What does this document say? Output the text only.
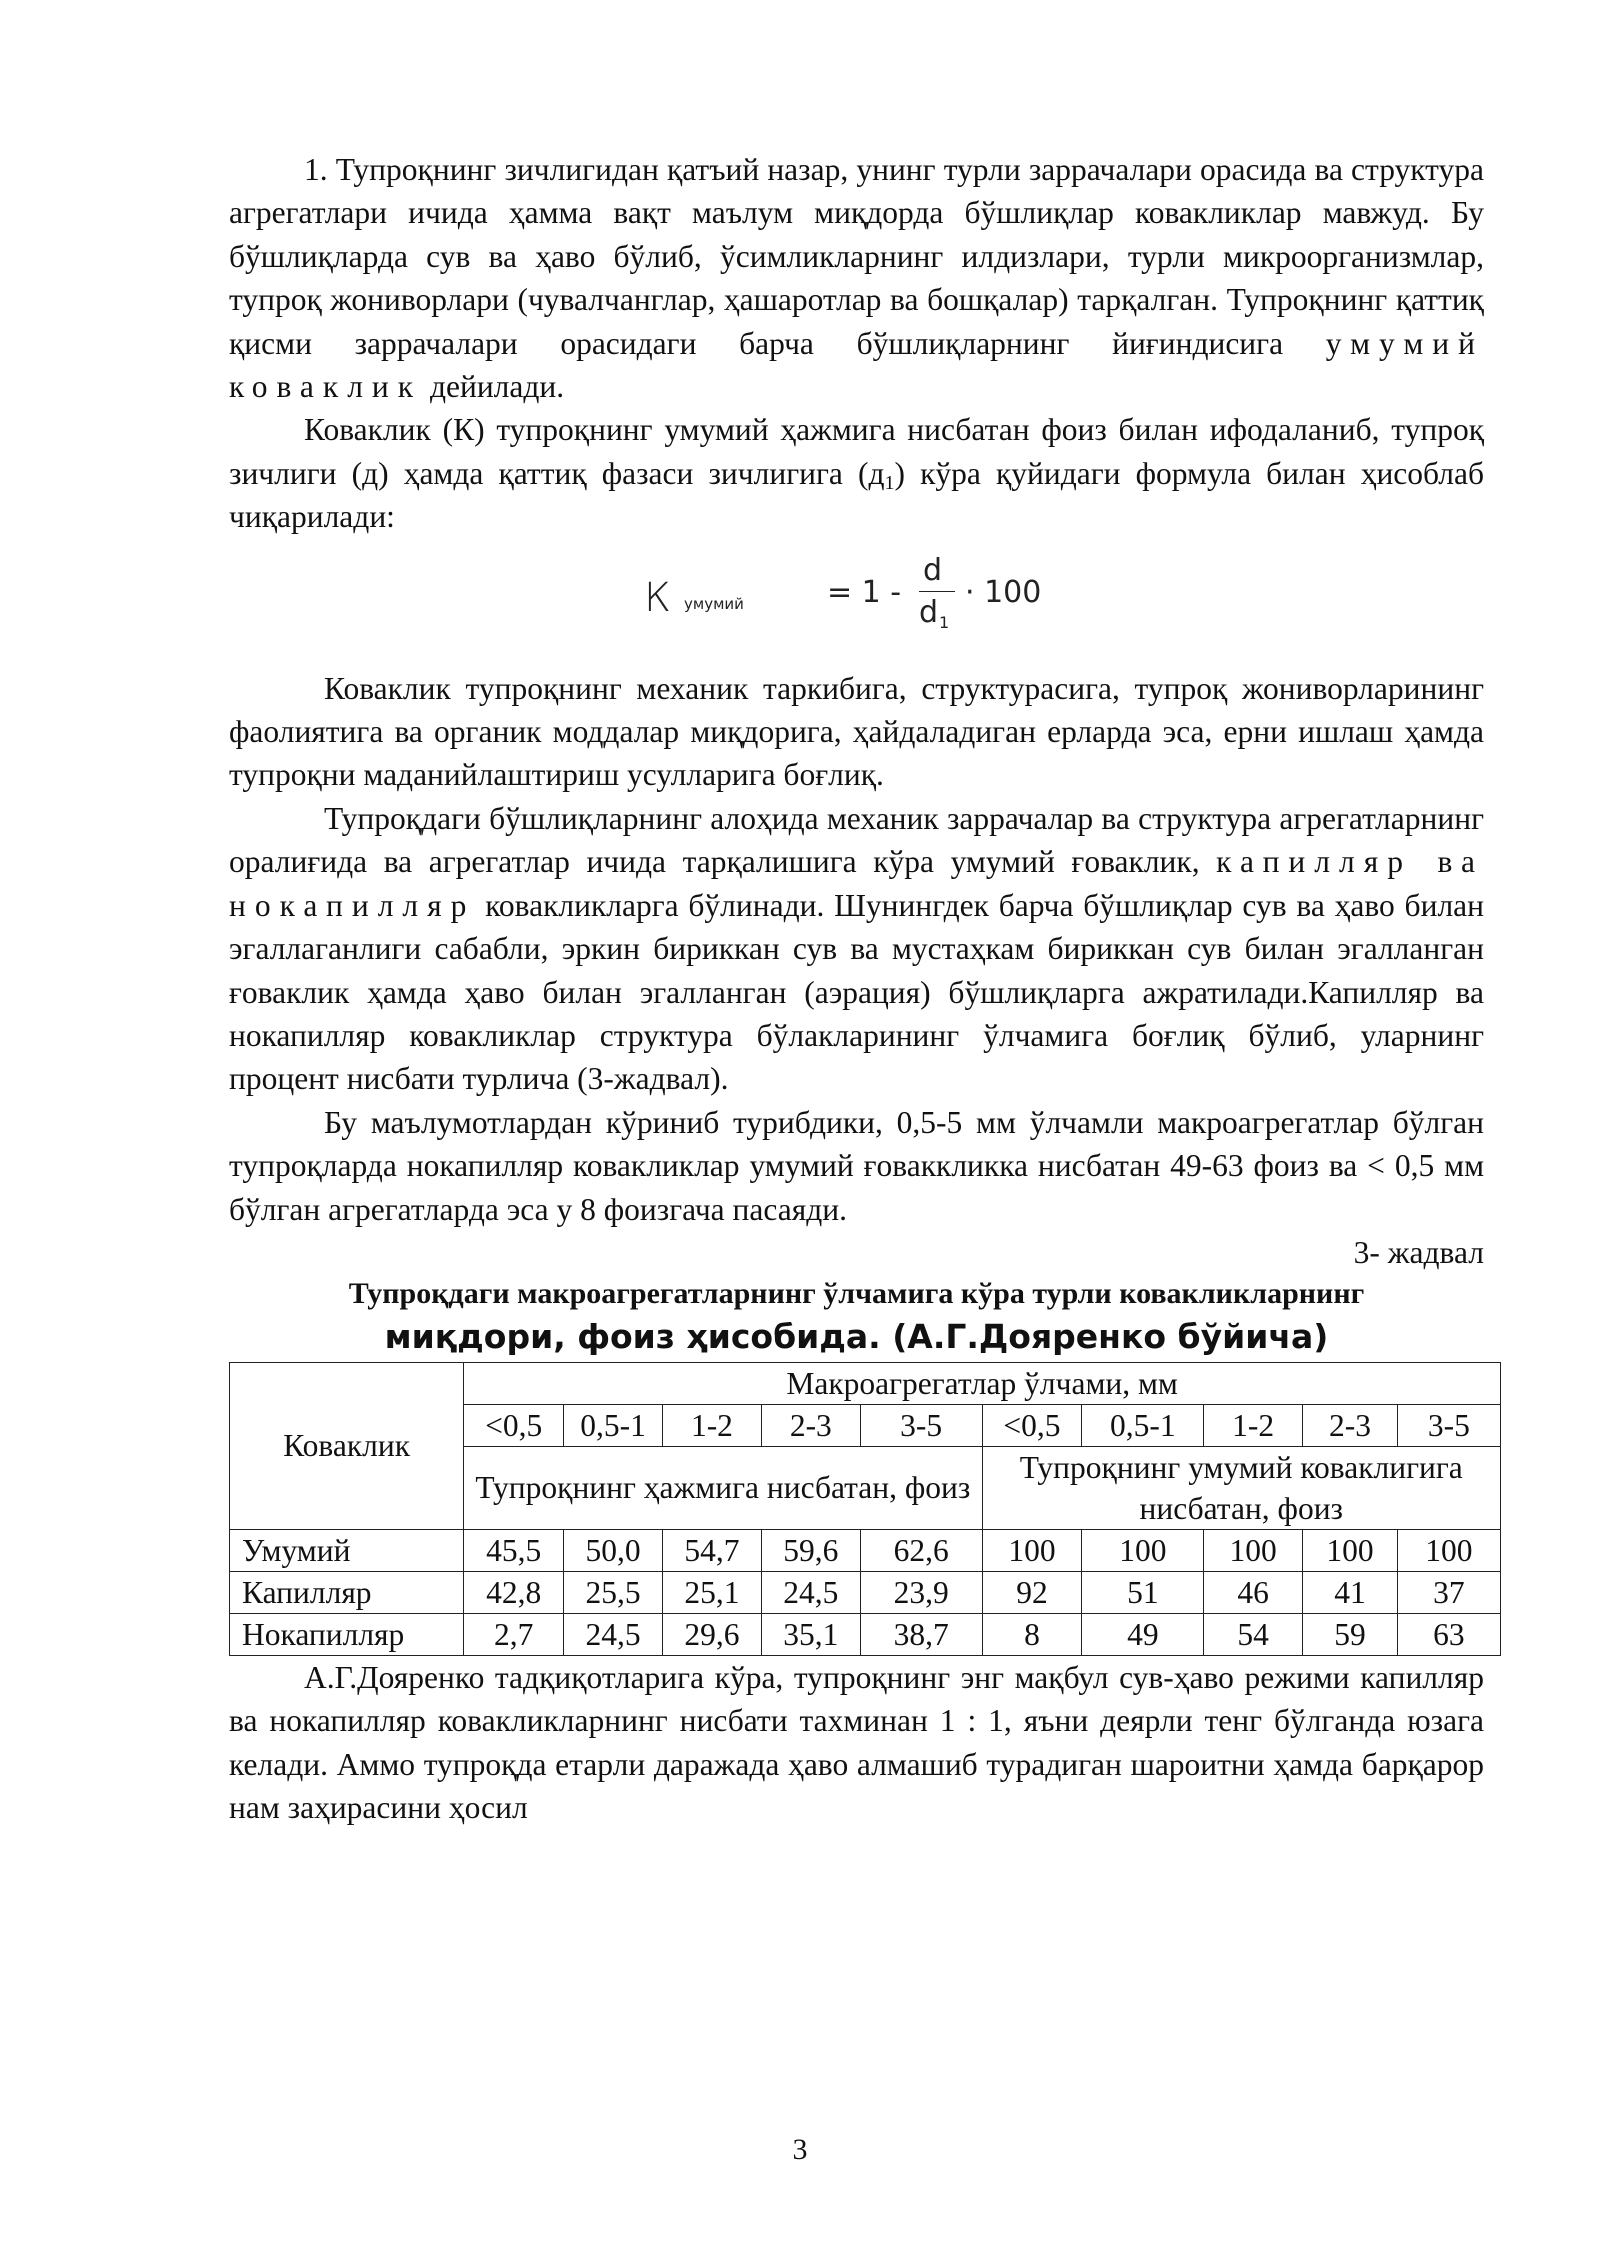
1. Тупроқнинг зичлигидан қатъий назар, унинг турли заррачалари орасида ва структура агрегатлари ичида ҳамма вақт маълум миқдорда бўшлиқлар ковакликлар мавжуд. Бу бўшлиқларда сув ва ҳаво бўлиб, ўсимликларнинг илдизлари, турли микроорганизмлар, тупроқ жониворлари (чувалчанглар, ҳашаротлар ва бошқалар) тарқалган. Тупроқнинг қаттиқ қисми заррачалари орасидаги барча бўшлиқларнинг йиғиндисига умумий коваклик дейилади.

Коваклик (К) тупроқнинг умумий ҳажмига нисбатан фоиз билан ифодаланиб, тупроқ зичлиги (д) ҳамда қаттиқ фазаси зичлигига $(д_1)$ кўра қуйидаги формула билан ҳисоблаб чиқарилади:

К умумий	= 1 -
d
d 1
· 100

Коваклик тупроқнинг механик таркибига, структурасига, тупроқ жониворларининг фаолиятига ва органик моддалар миқдорига, ҳайдаладиган ерларда эса, ерни ишлаш ҳамда тупроқни маданийлаштириш усулларига боғлиқ.

Тупроқдаги бўшлиқларнинг алоҳида механик заррачалар ва структура агрегатларнинг оралиғида ва агрегатлар ичида тарқалишига кўра умумий ғоваклик, капилляр ва нокапилляр ковакликларга бўлинади. Шунингдек барча бўшлиқлар сув ва ҳаво билан эгаллаганлиги сабабли, эркин бириккан сув ва мустаҳкам бириккан сув билан эгалланган ғоваклик ҳамда ҳаво билан эгалланган (аэрация) бўшлиқларга ажратилади.Капилляр ва нокапилляр ковакликлар структура бўлакларининг ўлчамига боғлиқ бўлиб, уларнинг процент нисбати турлича (3-жадвал).

Бу маълумотлардан кўриниб турибдики, 0,5-5 мм ўлчамли макроагрегатлар бўлган тупроқларда нокапилляр ковакликлар умумий ғоваккликка нисбатан 49-63 фоиз ва < 0,5 мм бўлган агрегатларда эса у 8 фоизгача пасаяди.

3- жадвал

Тупроқдаги макроагрегатларнинг ўлчамига кўра турли ковакликларнинг

миқдори, фоиз ҳисобида. (А.Г.Дояренко бўйича)

Коваклик	Макроагрегатлар ўлчами, мм									
	<0,5	0,5-1	1-2	2-3	3-5	<0,5	0,5-1	1-2	2-3	3-5
	Тупроқнинг ҳажмига нисбатан, фоиз					Тупроқнинг умумий коваклигига нисбатан, фоиз				

Умумий	45,5	50,0	54,7	59,6	62,6	100	100	100	100	100
Капилляр	42,8	25,5	25,1	24,5	23,9	92	51	46	41	37
Нокапилляр	2,7	24,5	29,6	35,1	38,7	8	49	54	59	63

А.Г.Дояренко тадқиқотларига кўра, тупроқнинг энг мақбул сув-ҳаво режими капилляр ва нокапилляр ковакликларнинг нисбати тахминан 1 : 1, яъни деярли тенг бўлганда юзага келади. Аммо тупроқда етарли даражада ҳаво алмашиб турадиган шароитни ҳамда барқарор нам заҳирасини ҳосил

3
